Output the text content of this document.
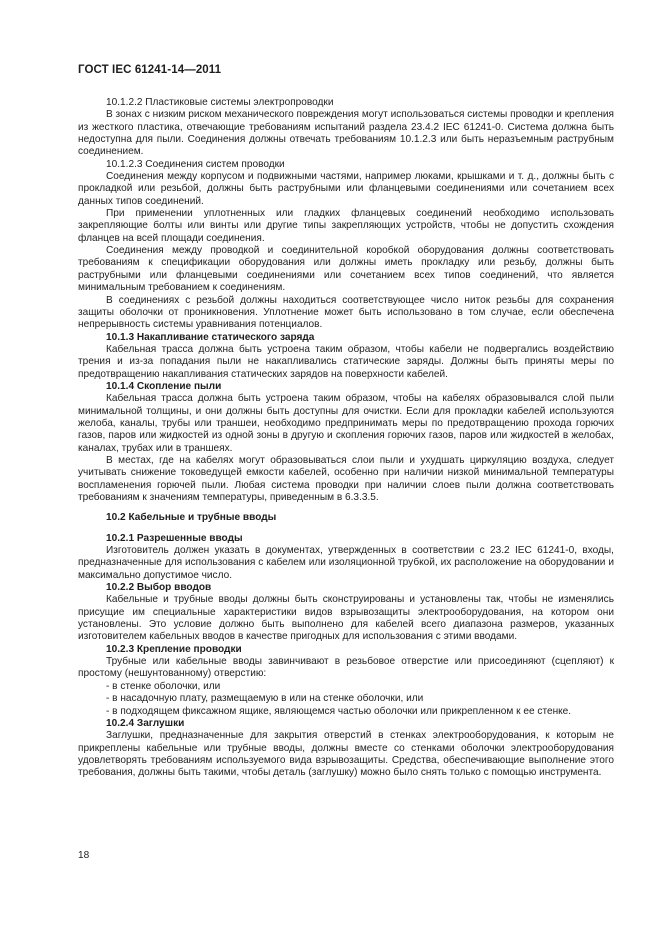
ГОСТ IEC 61241-14—2011

10.1.2.2 Пластиковые системы электропроводки

В зонах с низким риском механического повреждения могут использоваться системы проводки и крепления из жесткого пластика, отвечающие требованиям испытаний раздела 23.4.2 IEC 61241-0. Система должна быть недоступна для пыли. Соединения должны отвечать требованиям 10.1.2.3 или быть неразъемным раструбным соединением.

10.1.2.3 Соединения систем проводки

Соединения между корпусом и подвижными частями, например люками, крышками и т. д., должны быть с прокладкой или резьбой, должны быть раструбными или фланцевыми соединениями или сочетанием всех данных типов соединений.

При применении уплотненных или гладких фланцевых соединений необходимо использовать закрепляющие болты или винты или другие типы закрепляющих устройств, чтобы не допустить схождения фланцев на всей площади соединения.

Соединения между проводкой и соединительной коробкой оборудования должны соответствовать требованиям к спецификации оборудования или должны иметь прокладку или резьбу, должны быть раструбными или фланцевыми соединениями или сочетанием всех типов соединений, что является минимальным требованием к соединениям.

В соединениях с резьбой должны находиться соответствующее число ниток резьбы для сохранения защиты оболочки от проникновения. Уплотнение может быть использовано в том случае, если обеспечена непрерывность системы уравнивания потенциалов.

10.1.3 Накапливание статического заряда

Кабельная трасса должна быть устроена таким образом, чтобы кабели не подвергались воздействию трения и из-за попадания пыли не накапливались статические заряды. Должны быть приняты меры по предотвращению накапливания статических зарядов на поверхности кабелей.

10.1.4 Скопление пыли

Кабельная трасса должна быть устроена таким образом, чтобы на кабелях образовывался слой пыли минимальной толщины, и они должны быть доступны для очистки. Если для прокладки кабелей используются желоба, каналы, трубы или траншеи, необходимо предпринимать меры по предотвращению прохода горючих газов, паров или жидкостей из одной зоны в другую и скопления горючих газов, паров или жидкостей в желобах, каналах, трубах или в траншеях.

В местах, где на кабелях могут образовываться слои пыли и ухудшать циркуляцию воздуха, следует учитывать снижение токоведущей емкости кабелей, особенно при наличии низкой минимальной температуры воспламенения горючей пыли. Любая система проводки при наличии слоев пыли должна соответствовать требованиям к значениям температуры, приведенным в 6.3.3.5.

10.2 Кабельные и трубные вводы
10.2.1 Разрешенные вводы

Изготовитель должен указать в документах, утвержденных в соответствии с 23.2 IEC 61241-0, входы, предназначенные для использования с кабелем или изоляционной трубкой, их расположение на оборудовании и максимально допустимое число.

10.2.2 Выбор вводов

Кабельные и трубные вводы должны быть сконструированы и установлены так, чтобы не изменялись присущие им специальные характеристики видов взрывозащиты электрооборудования, на котором они установлены. Это условие должно быть выполнено для кабелей всего диапазона размеров, указанных изготовителем кабельных вводов в качестве пригодных для использования с этими вводами.

10.2.3 Крепление проводки

Трубные или кабельные вводы завинчивают в резьбовое отверстие или присоединяют (сцепляют) к простому (нешунтованному) отверстию:

- в стенке оболочки, или
- в насадочную плату, размещаемую в или на стенке оболочки, или
- в подходящем фиксажном ящике, являющемся частью оболочки или прикрепленном к ее стенке.
10.2.4 Заглушки

Заглушки, предназначенные для закрытия отверстий в стенках электрооборудования, к которым не прикреплены кабельные или трубные вводы, должны вместе со стенками оболочки электрооборудования удовлетворять требованиям используемого вида взрывозащиты. Средства, обеспечивающие выполнение этого требования, должны быть такими, чтобы деталь (заглушку) можно было снять только с помощью инструмента.

18
